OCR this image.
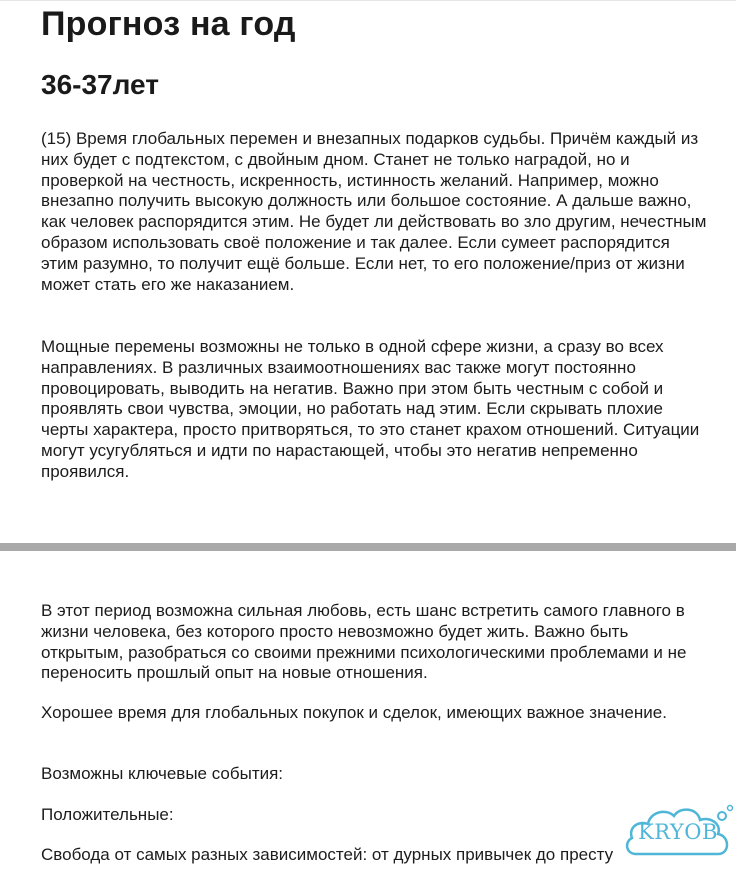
Прогноз на год
36-37лет

(15) Время глобальных перемен и внезапных подарков судьбы. Причём каждый из них будет с подтекстом, с двойным дном. Станет не только наградой, но и проверкой на честность, искренность, истинность желаний. Например, можно внезапно получить высокую должность или большое состояние. А дальше важно, как человек распорядится этим. Не будет ли действовать во зло другим, нечестным образом использовать своё положение и так далее. Если сумеет распорядится этим разумно, то получит ещё больше. Если нет, то его положение/приз от жизни может стать его же наказанием.

Мощные перемены возможны не только в одной сфере жизни, а сразу во всех направлениях. В различных взаимоотношениях вас также могут постоянно провоцировать, выводить на негатив. Важно при этом быть честным с собой и проявлять свои чувства, эмоции, но работать над этим. Если скрывать плохие черты характера, просто притворяться, то это станет крахом отношений. Ситуации могут усугубляться и идти по нарастающей, чтобы это негатив непременно проявился.

В этот период возможна сильная любовь, есть шанс встретить самого главного в жизни человека, без которого просто невозможно будет жить. Важно быть открытым, разобраться со своими прежними психологическими проблемами и не переносить прошлый опыт на новые отношения.

Хорошее время для глобальных покупок и сделок, имеющих важное значение.

Возможны ключевые события:

Положительные:

Свобода от самых разных зависимостей: от дурных привычек до престу

KRYOB
